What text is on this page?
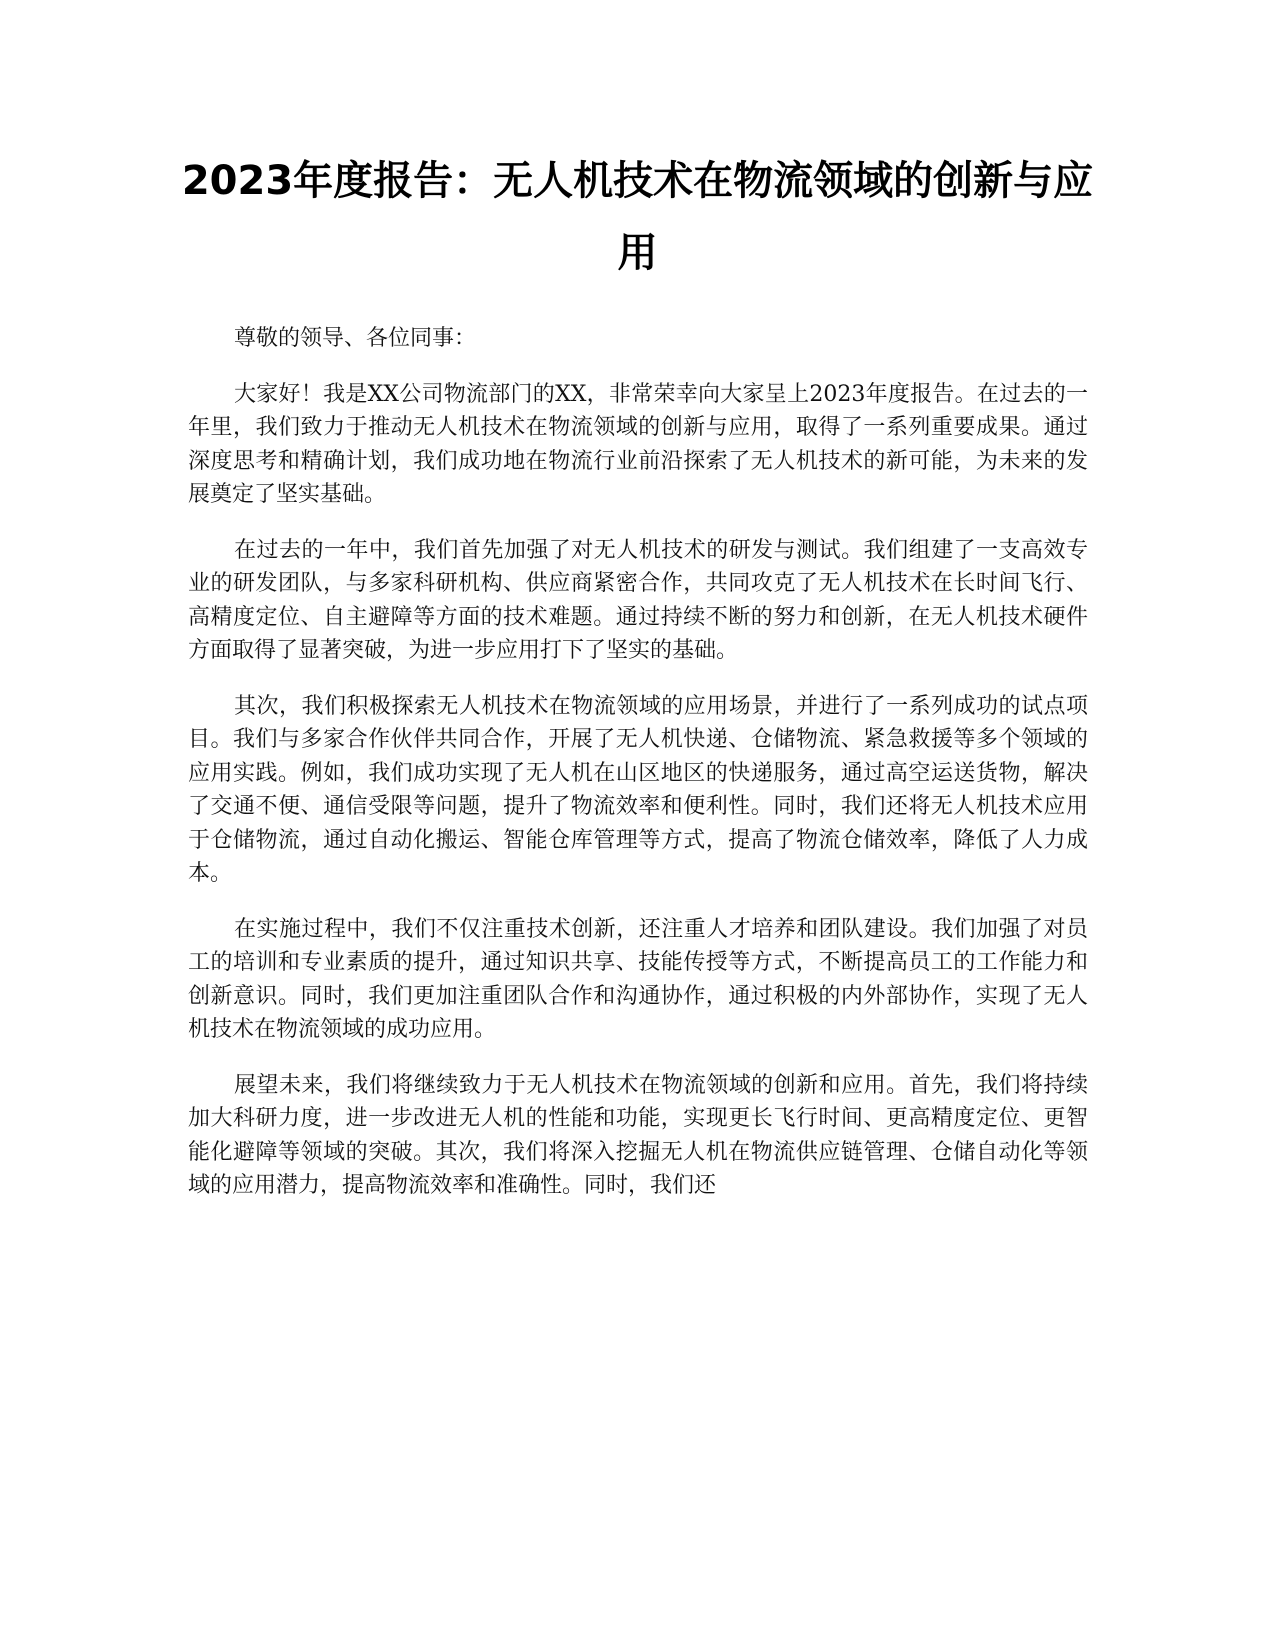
2023年度报告：无人机技术在物流领域的创新与应用

尊敬的领导、各位同事：

大家好！我是XX公司物流部门的XX，非常荣幸向大家呈上2023年度报告。在过去的一年里，我们致力于推动无人机技术在物流领域的创新与应用，取得了一系列重要成果。通过深度思考和精确计划，我们成功地在物流行业前沿探索了无人机技术的新可能，为未来的发展奠定了坚实基础。

在过去的一年中，我们首先加强了对无人机技术的研发与测试。我们组建了一支高效专业的研发团队，与多家科研机构、供应商紧密合作，共同攻克了无人机技术在长时间飞行、高精度定位、自主避障等方面的技术难题。通过持续不断的努力和创新，在无人机技术硬件方面取得了显著突破，为进一步应用打下了坚实的基础。

其次，我们积极探索无人机技术在物流领域的应用场景，并进行了一系列成功的试点项目。我们与多家合作伙伴共同合作，开展了无人机快递、仓储物流、紧急救援等多个领域的应用实践。例如，我们成功实现了无人机在山区地区的快递服务，通过高空运送货物，解决了交通不便、通信受限等问题，提升了物流效率和便利性。同时，我们还将无人机技术应用于仓储物流，通过自动化搬运、智能仓库管理等方式，提高了物流仓储效率，降低了人力成本。

在实施过程中，我们不仅注重技术创新，还注重人才培养和团队建设。我们加强了对员工的培训和专业素质的提升，通过知识共享、技能传授等方式，不断提高员工的工作能力和创新意识。同时，我们更加注重团队合作和沟通协作，通过积极的内外部协作，实现了无人机技术在物流领域的成功应用。

展望未来，我们将继续致力于无人机技术在物流领域的创新和应用。首先，我们将持续加大科研力度，进一步改进无人机的性能和功能，实现更长飞行时间、更高精度定位、更智能化避障等领域的突破。其次，我们将深入挖掘无人机在物流供应链管理、仓储自动化等领域的应用潜力，提高物流效率和准确性。同时，我们还
